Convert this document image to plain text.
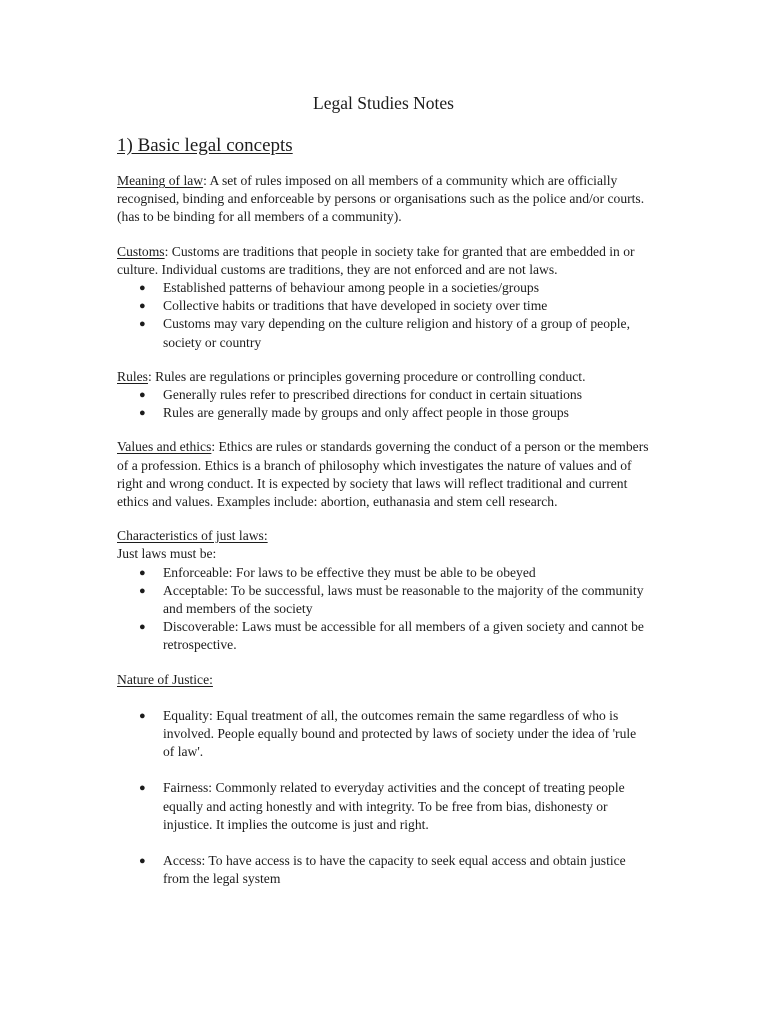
Legal Studies Notes
1) Basic legal concepts

Meaning of law: A set of rules imposed on all members of a community which are officially recognised, binding and enforceable by persons or organisations such as the police and/or courts. (has to be binding for all members of a community).

Customs: Customs are traditions that people in society take for granted that are embedded in or culture. Individual customs are traditions, they are not enforced and are not laws.

● Established patterns of behaviour among people in a societies/groups
● Collective habits or traditions that have developed in society over time
● Customs may vary depending on the culture religion and history of a group of people, society or country

Rules: Rules are regulations or principles governing procedure or controlling conduct.

● Generally rules refer to prescribed directions for conduct in certain situations
● Rules are generally made by groups and only affect people in those groups

Values and ethics: Ethics are rules or standards governing the conduct of a person or the members of a profession. Ethics is a branch of philosophy which investigates the nature of values and of right and wrong conduct. It is expected by society that laws will reflect traditional and current ethics and values. Examples include: abortion, euthanasia and stem cell research.

Characteristics of just laws:

Just laws must be:

● Enforceable: For laws to be effective they must be able to be obeyed
● Acceptable: To be successful, laws must be reasonable to the majority of the community and members of the society
● Discoverable: Laws must be accessible for all members of a given society and cannot be retrospective.

Nature of Justice:

● Equality: Equal treatment of all, the outcomes remain the same regardless of who is involved. People equally bound and protected by laws of society under the idea of 'rule of law'.
● Fairness: Commonly related to everyday activities and the concept of treating people equally and acting honestly and with integrity. To be free from bias, dishonesty or injustice. It implies the outcome is just and right.
● Access: To have access is to have the capacity to seek equal access and obtain justice from the legal system
